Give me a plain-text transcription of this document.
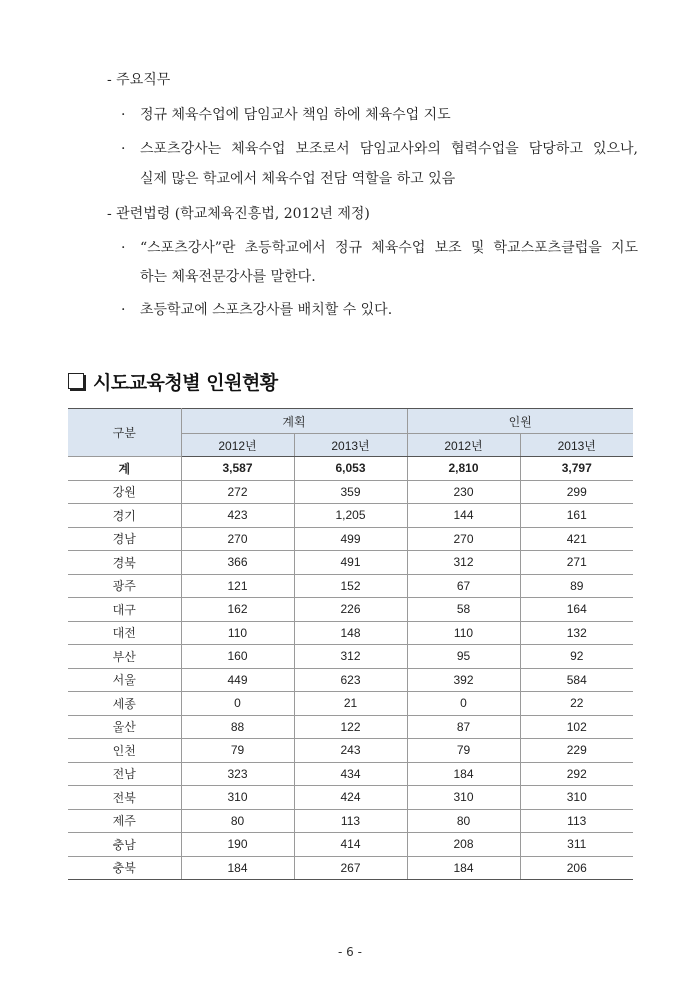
- 주요직무
· 정규 체육수업에 담임교사 책임 하에 체육수업 지도
· 스포츠강사는 체육수업 보조로서 담임교사와의 협력수업을 담당하고 있으나,
실제 많은 학교에서 체육수업 전담 역할을 하고 있음
- 관련법령 (학교체육진흥법, 2012년 제정)
· “스포츠강사”란 초등학교에서 정규 체육수업 보조 및 학교스포츠클럽을 지도
하는 체육전문강사를 말한다.
· 초등학교에 스포츠강사를 배치할 수 있다.
시도교육청별 인원현황
구분	계획		인원	
	2012년	2013년	2012년	2013년
계	3,587	6,053	2,810	3,797
강원	272	359	230	299
경기	423	1,205	144	161
경남	270	499	270	421
경북	366	491	312	271
광주	121	152	67	89
대구	162	226	58	164
대전	110	148	110	132
부산	160	312	95	92
서울	449	623	392	584
세종	0	21	0	22
울산	88	122	87	102
인천	79	243	79	229
전남	323	434	184	292
전북	310	424	310	310
제주	80	113	80	113
충남	190	414	208	311
충북	184	267	184	206
- 6 -
